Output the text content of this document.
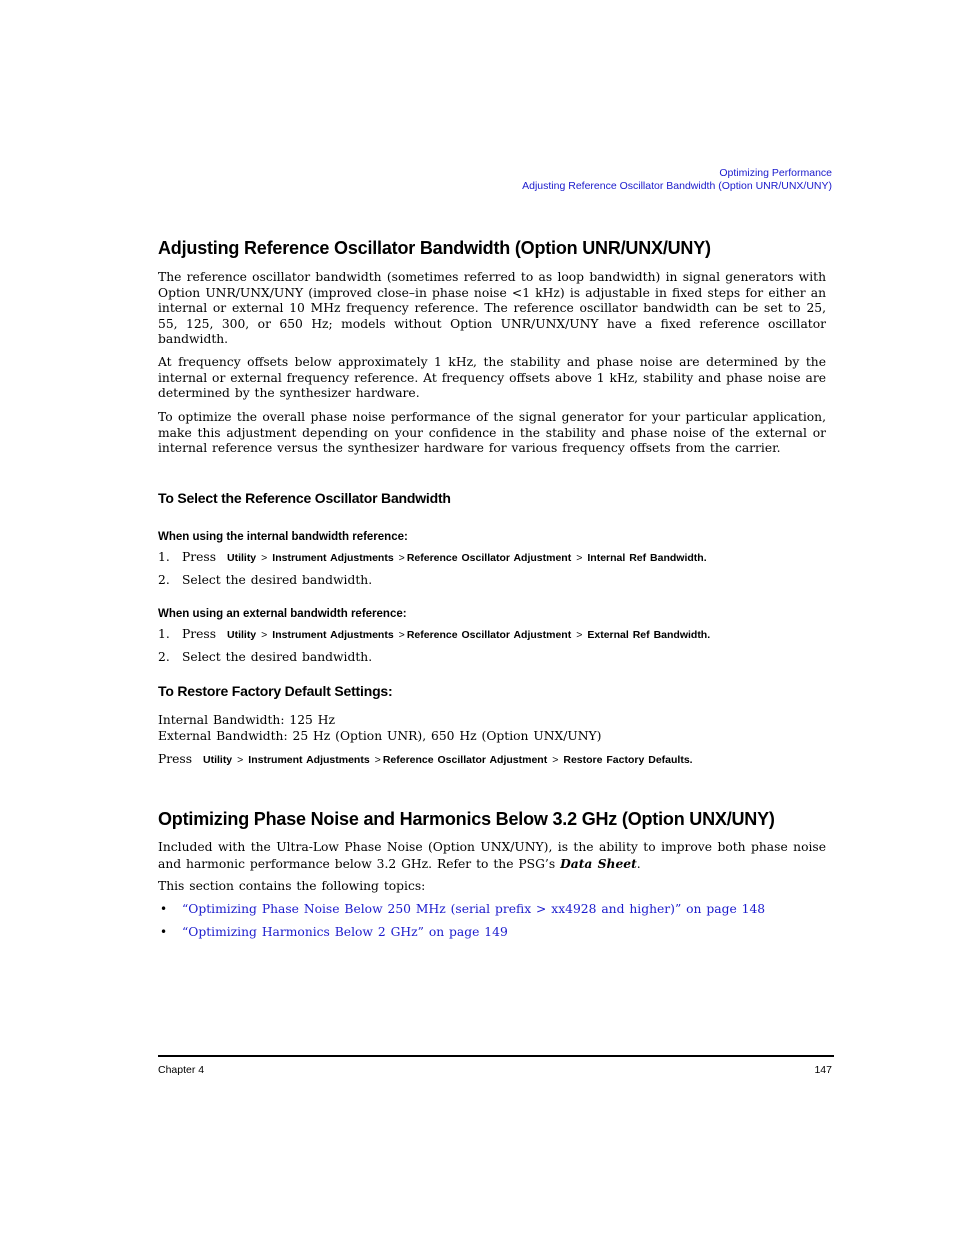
Optimizing Performance
Adjusting Reference Oscillator Bandwidth (Option UNR/UNX/UNY)
Adjusting Reference Oscillator Bandwidth (Option UNR/UNX/UNY)
The reference oscillator bandwidth (sometimes referred to as loop bandwidth) in signal generators with Option UNR/UNX/UNY (improved close–in phase noise <1 kHz) is adjustable in fixed steps for either an internal or external 10 MHz frequency reference. The reference oscillator bandwidth can be set to 25, 55, 125, 300, or 650 Hz; models without Option UNR/UNX/UNY have a fixed reference oscillator bandwidth.
At frequency offsets below approximately 1 kHz, the stability and phase noise are determined by the internal or external frequency reference. At frequency offsets above 1 kHz, stability and phase noise are determined by the synthesizer hardware.
To optimize the overall phase noise performance of the signal generator for your particular application, make this adjustment depending on your confidence in the stability and phase noise of the external or internal reference versus the synthesizer hardware for various frequency offsets from the carrier.
To Select the Reference Oscillator Bandwidth
When using the internal bandwidth reference:
1. Press Utility > Instrument Adjustments > Reference Oscillator Adjustment > Internal Ref Bandwidth.
2. Select the desired bandwidth.
When using an external bandwidth reference:
1. Press Utility > Instrument Adjustments > Reference Oscillator Adjustment > External Ref Bandwidth.
2. Select the desired bandwidth.
To Restore Factory Default Settings:
Internal Bandwidth: 125 Hz
External Bandwidth: 25 Hz (Option UNR), 650 Hz (Option UNX/UNY)
Press Utility > Instrument Adjustments > Reference Oscillator Adjustment > Restore Factory Defaults.
Optimizing Phase Noise and Harmonics Below 3.2 GHz (Option UNX/UNY)
Included with the Ultra-Low Phase Noise (Option UNX/UNY), is the ability to improve both phase noise and harmonic performance below 3.2 GHz. Refer to the PSG’s Data Sheet.
This section contains the following topics:
• “Optimizing Phase Noise Below 250 MHz (serial prefix > xx4928 and higher)” on page 148
• “Optimizing Harmonics Below 2 GHz” on page 149
Chapter 4	147
